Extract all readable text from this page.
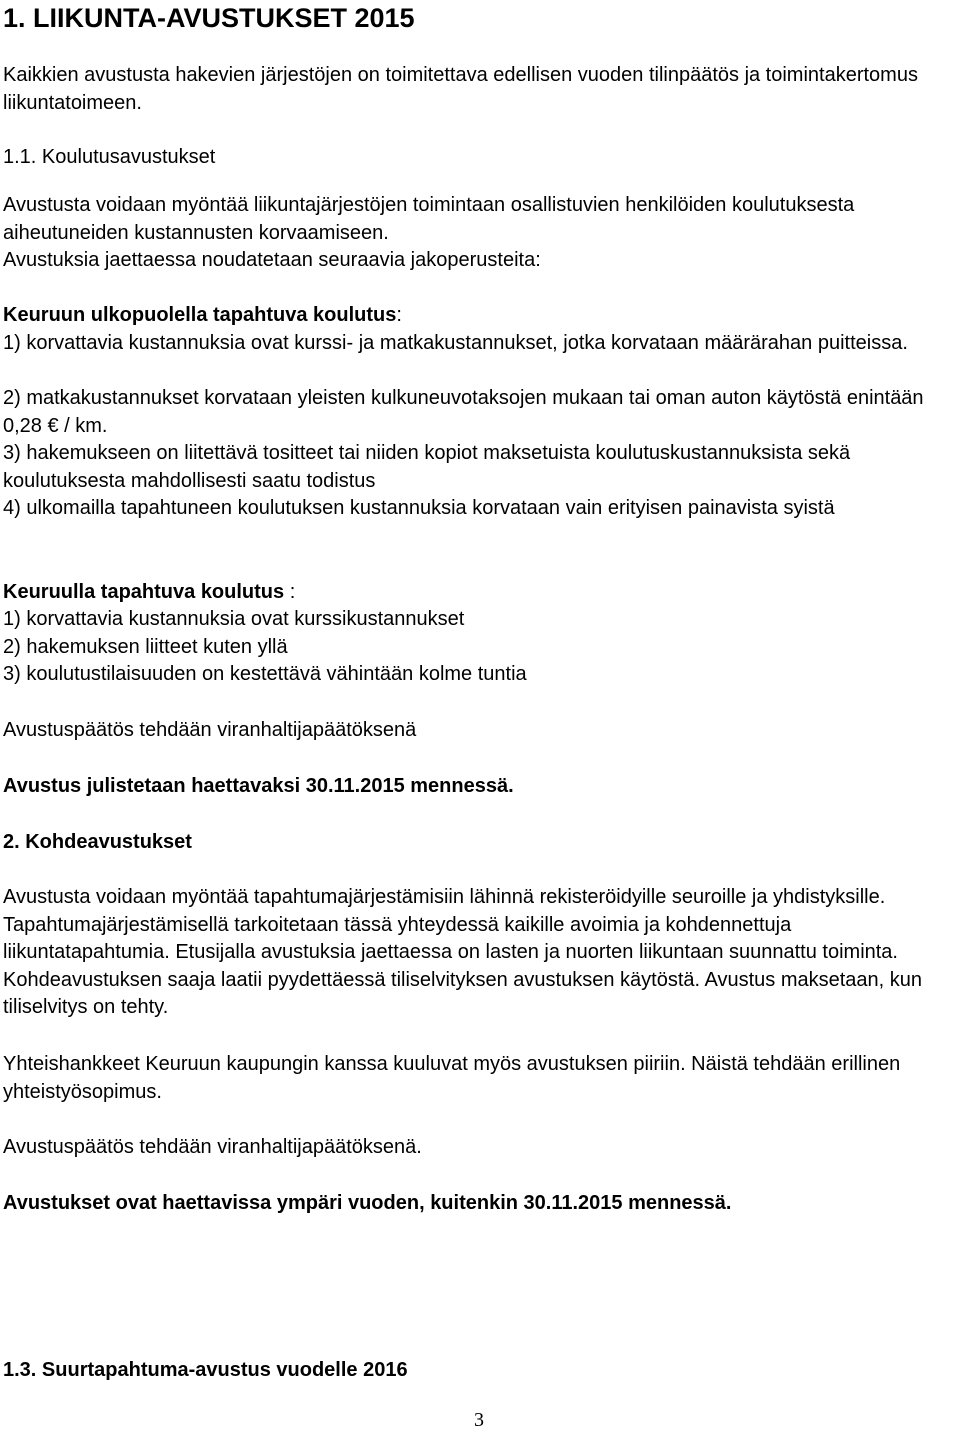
1. LIIKUNTA-AVUSTUKSET 2015

Kaikkien avustusta hakevien järjestöjen on toimitettava edellisen vuoden tilinpäätös ja toimintakertomus liikuntatoimeen.

1.1. Koulutusavustukset

Avustusta voidaan myöntää liikuntajärjestöjen toimintaan osallistuvien henkilöiden koulutuksesta aiheutuneiden kustannusten korvaamiseen.

Avustuksia jaettaessa noudatetaan seuraavia jakoperusteita:

Keuruun ulkopuolella tapahtuva koulutus:

1) korvattavia kustannuksia ovat kurssi- ja matkakustannukset, jotka korvataan määrärahan puitteissa.

2) matkakustannukset korvataan yleisten kulkuneuvotaksojen mukaan tai oman auton käytöstä enintään 0,28 € / km.

3) hakemukseen on liitettävä tositteet tai niiden kopiot maksetuista koulutuskustannuksista sekä koulutuksesta mahdollisesti saatu todistus

4) ulkomailla tapahtuneen koulutuksen kustannuksia korvataan vain erityisen painavista syistä

Keuruulla tapahtuva koulutus :

1) korvattavia kustannuksia ovat kurssikustannukset

2) hakemuksen liitteet kuten yllä

3) koulutustilaisuuden on kestettävä vähintään kolme tuntia

Avustuspäätös tehdään viranhaltijapäätöksenä

Avustus julistetaan haettavaksi 30.11.2015 mennessä.

2. Kohdeavustukset

Avustusta voidaan myöntää tapahtumajärjestämisiin lähinnä rekisteröidyille seuroille ja yhdistyksille. Tapahtumajärjestämisellä tarkoitetaan tässä yhteydessä kaikille avoimia ja kohdennettuja liikuntatapahtumia. Etusijalla avustuksia jaettaessa on lasten ja nuorten liikuntaan suunnattu toiminta. Kohdeavustuksen saaja laatii pyydettäessä tiliselvityksen avustuksen käytöstä. Avustus maksetaan, kun tiliselvitys on tehty.

Yhteishankkeet Keuruun kaupungin kanssa kuuluvat myös avustuksen piiriin. Näistä tehdään erillinen yhteistyösopimus.

Avustuspäätös tehdään viranhaltijapäätöksenä.

Avustukset ovat haettavissa ympäri vuoden, kuitenkin 30.11.2015 mennessä.

1.3. Suurtapahtuma-avustus vuodelle 2016

3
